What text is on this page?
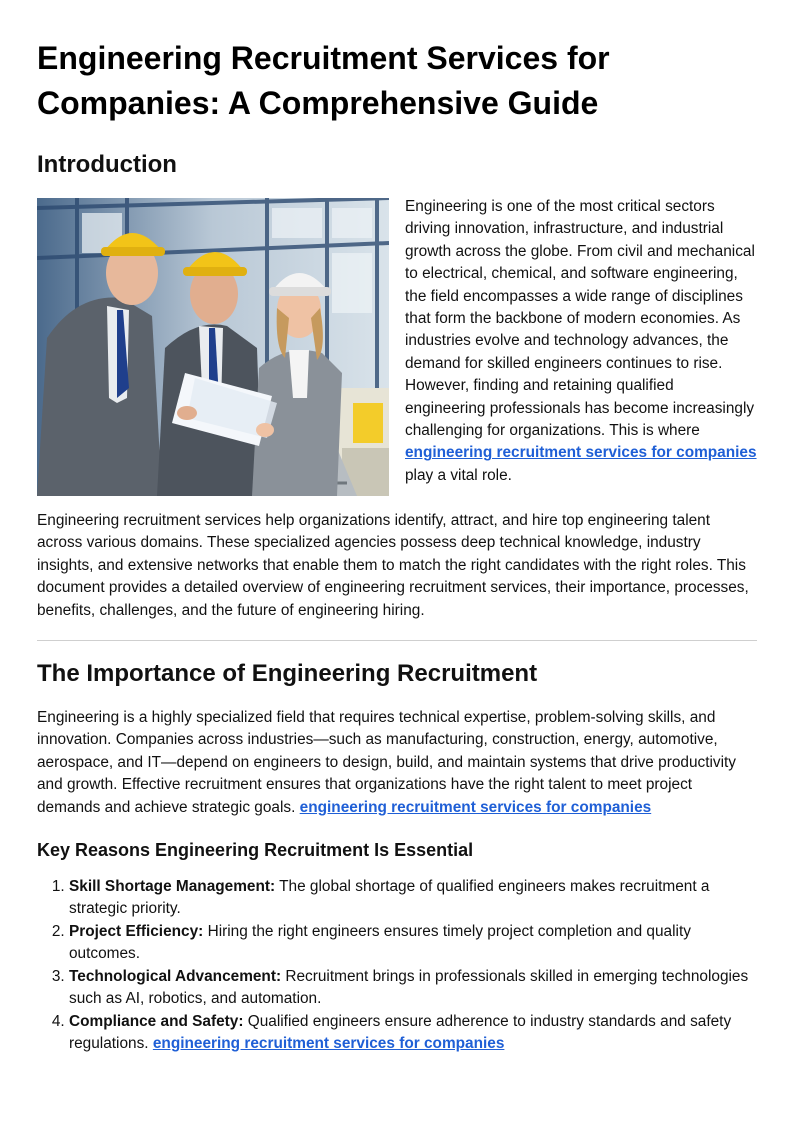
Engineering Recruitment Services for Companies: A Comprehensive Guide
Introduction
Engineering is one of the most critical sectors driving innovation, infrastructure, and industrial growth across the globe. From civil and mechanical to electrical, chemical, and software engineering, the field encompasses a wide range of disciplines that form the backbone of modern economies. As industries evolve and technology advances, the demand for skilled engineers continues to rise. However, finding and retaining qualified engineering professionals has become increasingly challenging for organizations. This is where engineering recruitment services for companies play a vital role.

Engineering recruitment services help organizations identify, attract, and hire top engineering talent across various domains. These specialized agencies possess deep technical knowledge, industry insights, and extensive networks that enable them to match the right candidates with the right roles. This document provides a detailed overview of engineering recruitment services, their importance, processes, benefits, challenges, and the future of engineering hiring.

The Importance of Engineering Recruitment

Engineering is a highly specialized field that requires technical expertise, problem-solving skills, and innovation. Companies across industries—such as manufacturing, construction, energy, automotive, aerospace, and IT—depend on engineers to design, build, and maintain systems that drive productivity and growth. Effective recruitment ensures that organizations have the right talent to meet project demands and achieve strategic goals. engineering recruitment services for companies

Key Reasons Engineering Recruitment Is Essential
1. Skill Shortage Management: The global shortage of qualified engineers makes recruitment a strategic priority.
2. Project Efficiency: Hiring the right engineers ensures timely project completion and quality outcomes.
3. Technological Advancement: Recruitment brings in professionals skilled in emerging technologies such as AI, robotics, and automation.
4. Compliance and Safety: Qualified engineers ensure adherence to industry standards and safety regulations. engineering recruitment services for companies
